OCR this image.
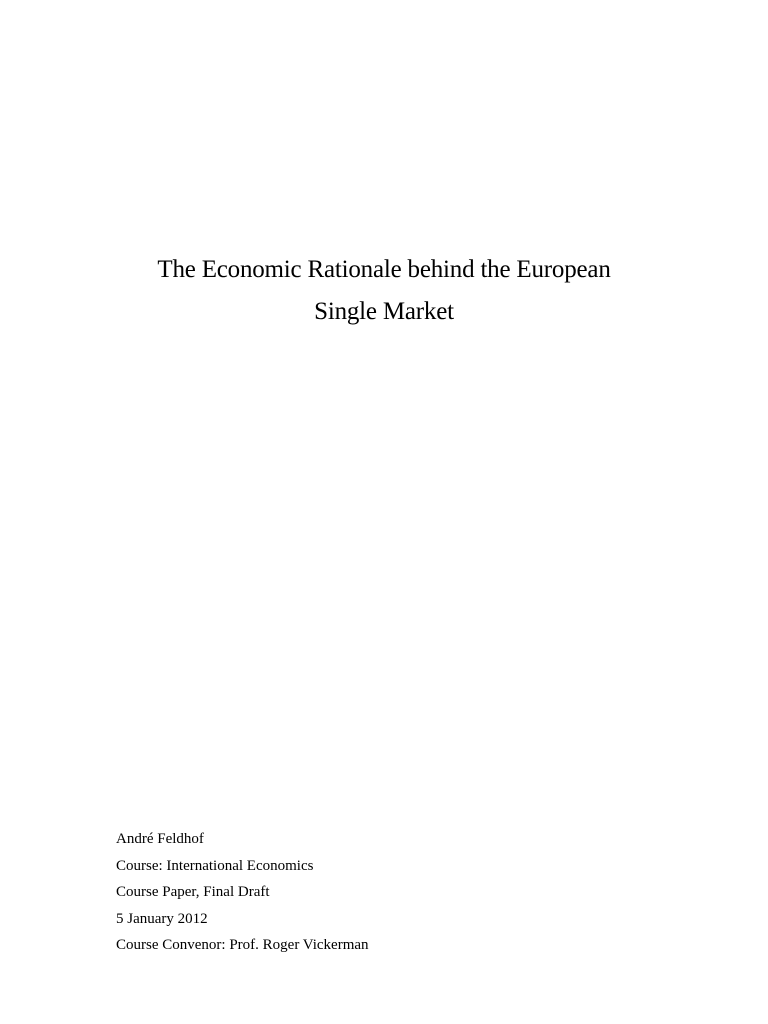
The Economic Rationale behind the European
Single Market
André Feldhof
Course: International Economics
Course Paper, Final Draft
5 January 2012
Course Convenor: Prof. Roger Vickerman
